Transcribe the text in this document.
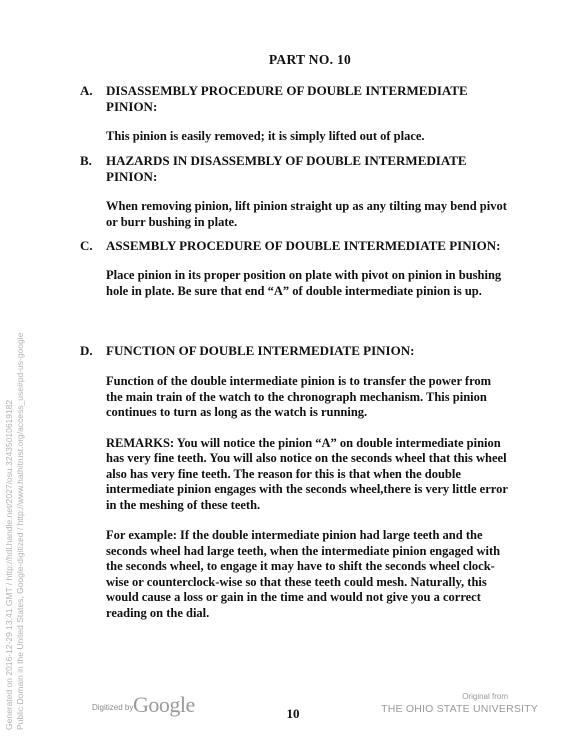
PART NO. 10
A.	DISASSEMBLY PROCEDURE OF DOUBLE INTERMEDIATE PINION:

This pinion is easily removed; it is simply lifted out of place.

B.	HAZARDS IN DISASSEMBLY OF DOUBLE INTERMEDIATE PINION:

When removing pinion, lift pinion straight up as any tilting may bend pivot or burr bushing in plate.

C.	ASSEMBLY PROCEDURE OF DOUBLE INTERMEDIATE PINION:

Place pinion in its proper position on plate with pivot on pinion in bushing hole in plate. Be sure that end “A” of double intermediate pinion is up.

D.	FUNCTION OF DOUBLE INTERMEDIATE PINION:

Function of the double intermediate pinion is to transfer the power from the main train of the watch to the chronograph mechanism. This pinion continues to turn as long as the watch is running.

REMARKS: You will notice the pinion “A” on double intermediate pinion has very fine teeth. You will also notice on the seconds wheel that this wheel also has very fine teeth. The reason for this is that when the double intermediate pinion engages with the seconds wheel,there is very little error in the meshing of these teeth.

For example: If the double intermediate pinion had large teeth and the seconds wheel had large teeth, when the intermediate pinion engaged with the seconds wheel, to engage it may have to shift the seconds wheel clock-wise or counterclock-wise so that these teeth could mesh. Naturally, this would cause a loss or gain in the time and would not give you a correct reading on the dial.

Generated on 2016-12-29 13:41 GMT / http://hdl.handle.net/2027/osu.32435010619182 Public Domain in the United States, Google-digitized / http://www.hathitrust.org/access_use#pd-us-google	Digitized by Google	10
Original from
THE OHIO STATE UNIVERSITY
